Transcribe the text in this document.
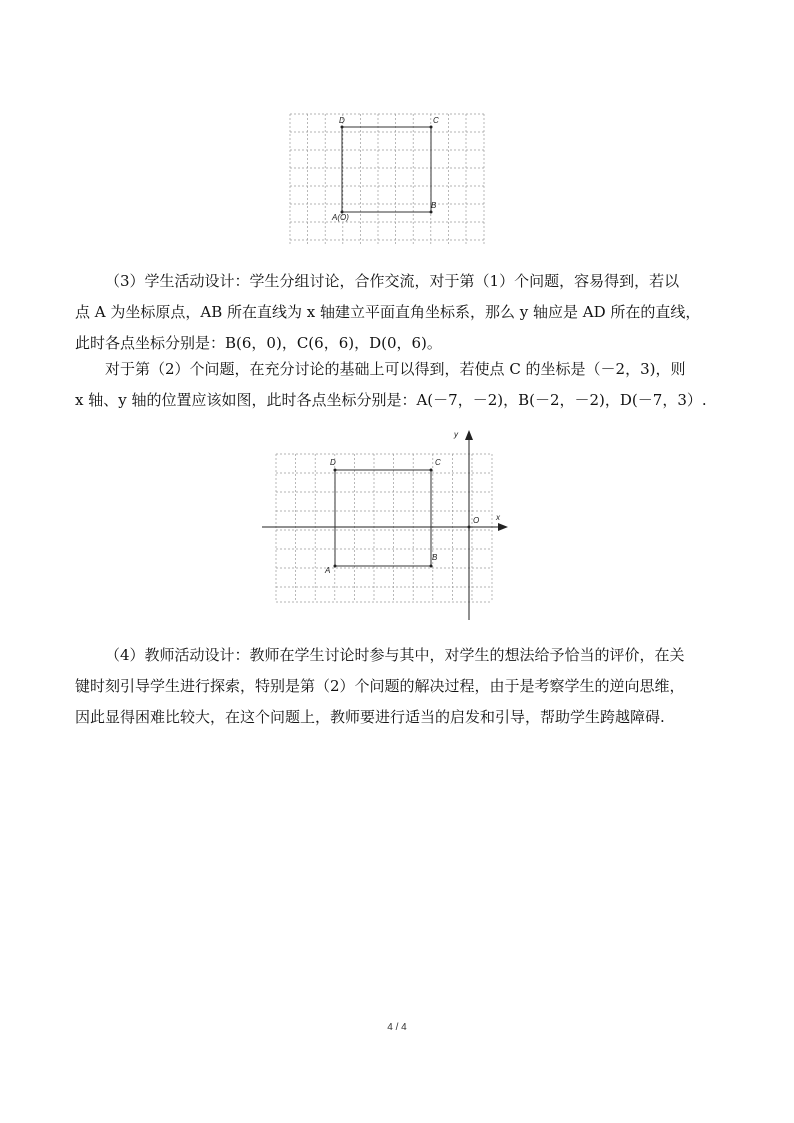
D	C
A(O)
B
（3）学生活动设计：学生分组讨论，合作交流，对于第（1）个问题，容易得到，若以
点 A 为坐标原点，AB 所在直线为 x 轴建立平面直角坐标系，那么 y 轴应是 AD 所在的直线，
此时各点坐标分别是：B(6，0)，C(6，6)，D(0，6)。
对于第（2）个问题，在充分讨论的基础上可以得到，若使点 C 的坐标是（－2，3)，则
x 轴、y 轴的位置应该如图，此时各点坐标分别是：A(－7，－2)，B(－2，－2)，D(－7，3）.
D	C
A
B
O x
y
（4）教师活动设计：教师在学生讨论时参与其中，对学生的想法给予恰当的评价，在关
键时刻引导学生进行探索，特别是第（2）个问题的解决过程，由于是考察学生的逆向思维，
因此显得困难比较大，在这个问题上，教师要进行适当的启发和引导，帮助学生跨越障碍.
4 / 4
